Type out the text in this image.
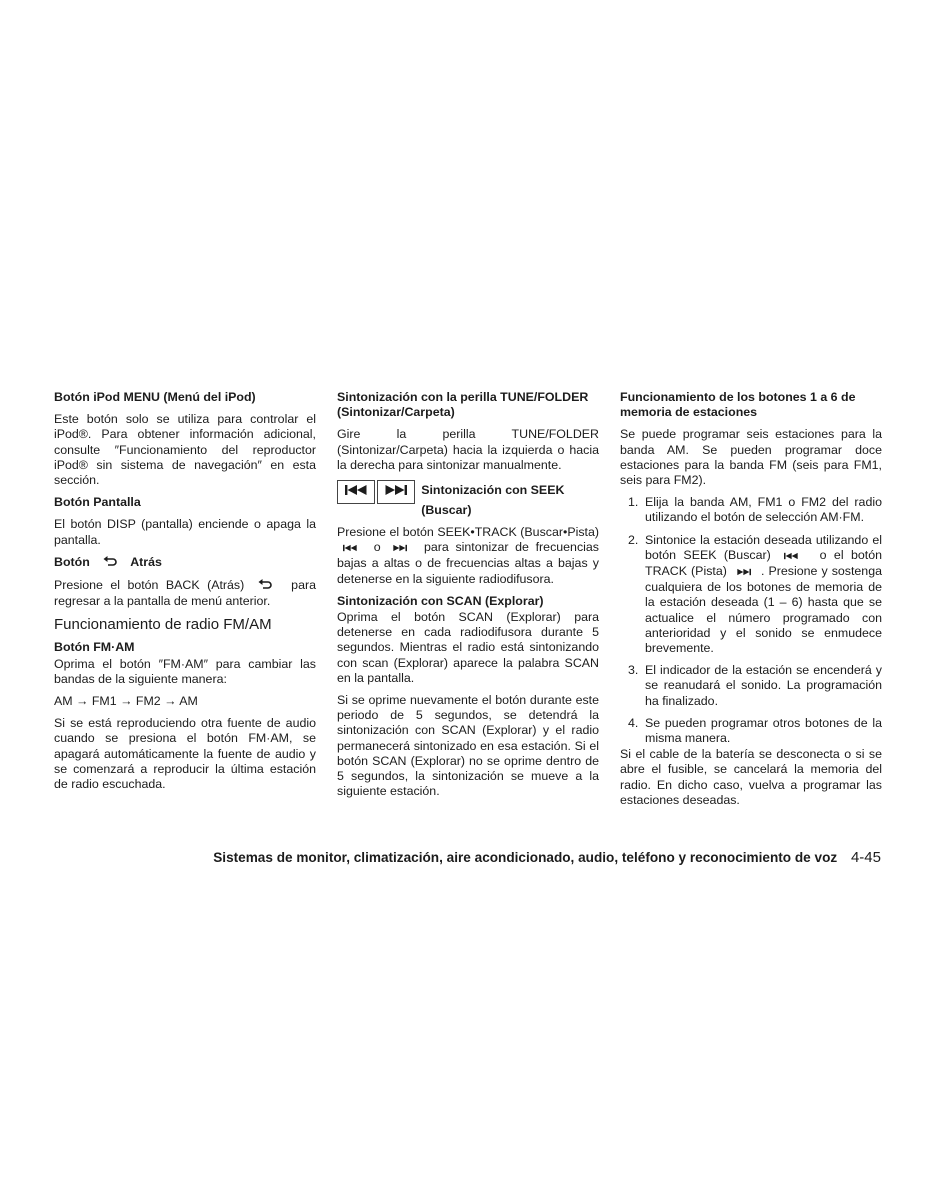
Botón iPod MENU (Menú del iPod)
Este botón solo se utiliza para controlar el iPod®. Para obtener información adicional, consulte ″Funcionamiento del reproductor iPod® sin sistema de navegación″ en esta sección.
Botón Pantalla
El botón DISP (pantalla) enciende o apaga la pantalla.
Botón	Atrás
Presione el botón BACK (Atrás)	para regresar a la pantalla de menú anterior.
Funcionamiento de radio FM/AM
Botón FM·AM
Oprima el botón ″FM·AM″ para cambiar las bandas de la siguiente manera:
AM → FM1 → FM2 → AM
Si se está reproduciendo otra fuente de audio cuando se presiona el botón FM·AM, se apagará automáticamente la fuente de audio y se comenzará a reproducir la última estación de radio escuchada.
Sintonización con la perilla TUNE/FOLDER (Sintonizar/Carpeta)
Gire la perilla TUNE/FOLDER (Sintonizar/Carpeta) hacia la izquierda o hacia la derecha para sintonizar manualmente.
Sintonización con SEEK (Buscar)
Presione el botón SEEK•TRACK (Buscar•Pista)  o	para sintonizar de frecuencias bajas a altas o de frecuencias altas a bajas y detenerse en la siguiente radiodifusora.
Sintonización con SCAN (Explorar)
Oprima el botón SCAN (Explorar) para detenerse en cada radiodifusora durante 5 segundos. Mientras el radio está sintonizando con scan (Explorar) aparece la palabra SCAN en la pantalla.
Si se oprime nuevamente el botón durante este periodo de 5 segundos, se detendrá la sintonización con SCAN (Explorar) y el radio permanecerá sintonizado en esa estación. Si el botón SCAN (Explorar) no se oprime dentro de 5 segundos, la sintonización se mueve a la siguiente estación.
Funcionamiento de los botones 1 a 6 de memoria de estaciones
Se puede programar seis estaciones para la banda AM. Se pueden programar doce estaciones para la banda FM (seis para FM1, seis para FM2).
1. Elija la banda AM, FM1 o FM2 del radio utilizando el botón de selección AM·FM.
2. Sintonice la estación deseada utilizando el botón SEEK (Buscar)	o el botón TRACK (Pista)	. Presione y sostenga cualquiera de los botones de memoria de la estación deseada (1 – 6) hasta que se actualice el número programado con anterioridad y el sonido se enmudece brevemente.
3. El indicador de la estación se encenderá y se reanudará el sonido. La programación ha finalizado.
4. Se pueden programar otros botones de la misma manera.
Si el cable de la batería se desconecta o si se abre el fusible, se cancelará la memoria del radio. En dicho caso, vuelva a programar las estaciones deseadas.
Sistemas de monitor, climatización, aire acondicionado, audio, teléfono y reconocimiento de voz 4-45
